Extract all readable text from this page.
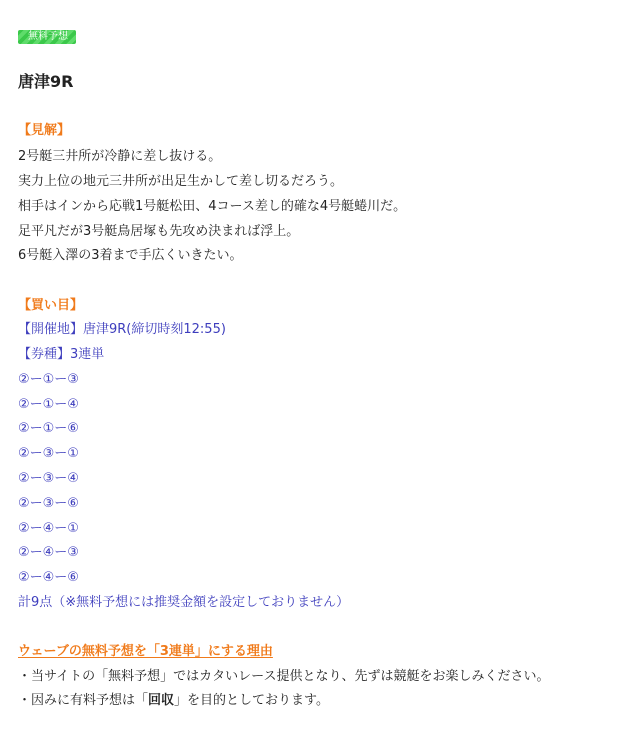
無料予想
唐津9R
【見解】
2号艇三井所が冷静に差し抜ける。
実力上位の地元三井所が出足生かして差し切るだろう。
相手はインから応戦1号艇松田、4コース差し的確な4号艇蜷川だ。
足平凡だが3号艇鳥居塚も先攻め決まれば浮上。
6号艇入澤の3着まで手広くいきたい。
【買い目】
【開催地】唐津9R(締切時刻12:55)
【券種】3連単
②ー①ー③
②ー①ー④
②ー①ー⑥
②ー③ー①
②ー③ー④
②ー③ー⑥
②ー④ー①
②ー④ー③
②ー④ー⑥
計9点（※無料予想には推奨金額を設定しておりません）
ウェーブの無料予想を「3連単」にする理由
・当サイトの「無料予想」ではカタいレース提供となり、先ずは競艇をお楽しみください。
・因みに有料予想は「回収」を目的としております。
